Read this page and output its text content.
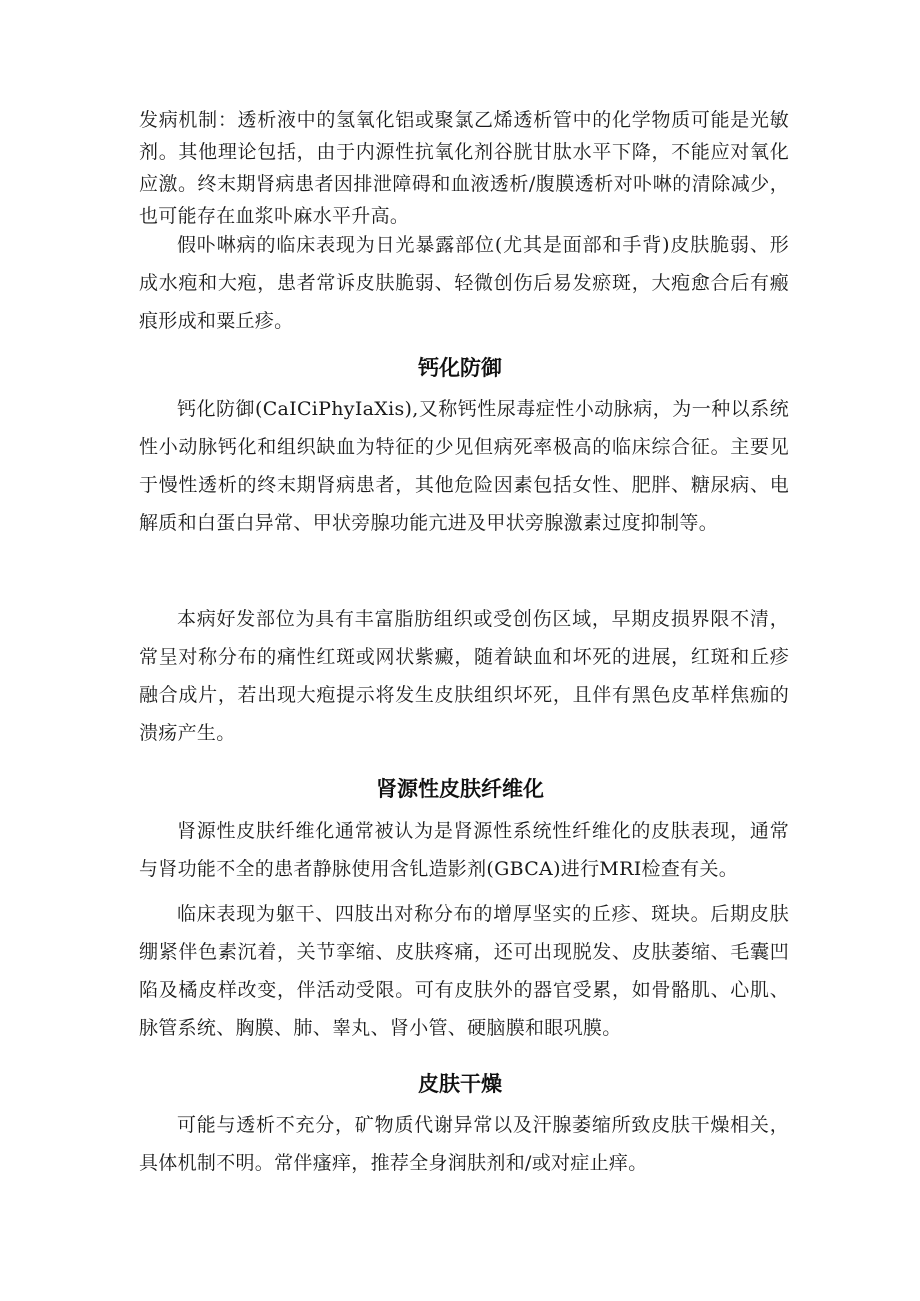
发病机制：透析液中的氢氧化铝或聚氯乙烯透析管中的化学物质可能是光敏剂。其他理论包括，由于内源性抗氧化剂谷胱甘肽水平下降，不能应对氧化应激。终末期肾病患者因排泄障碍和血液透析/腹膜透析对卟啉的清除减少，也可能存在血浆卟麻水平升高。

假卟啉病的临床表现为日光暴露部位(尤其是面部和手背)皮肤脆弱、形成水疱和大疱，患者常诉皮肤脆弱、轻微创伤后易发瘀斑，大疱愈合后有瘢痕形成和粟丘疹。

钙化防御

钙化防御(CaICiPhyIaXis),又称钙性尿毒症性小动脉病，为一种以系统性小动脉钙化和组织缺血为特征的少见但病死率极高的临床综合征。主要见于慢性透析的终末期肾病患者，其他危险因素包括女性、肥胖、糖尿病、电解质和白蛋白异常、甲状旁腺功能亢进及甲状旁腺激素过度抑制等。

本病好发部位为具有丰富脂肪组织或受创伤区域，早期皮损界限不清，常呈对称分布的痛性红斑或网状紫癜，随着缺血和坏死的进展，红斑和丘疹融合成片，若出现大疱提示将发生皮肤组织坏死，且伴有黑色皮革样焦痂的溃疡产生。

肾源性皮肤纤维化

肾源性皮肤纤维化通常被认为是肾源性系统性纤维化的皮肤表现，通常与肾功能不全的患者静脉使用含钆造影剂(GBCA)进行MRI检查有关。

临床表现为躯干、四肢出对称分布的增厚坚实的丘疹、斑块。后期皮肤绷紧伴色素沉着，关节挛缩、皮肤疼痛，还可出现脱发、皮肤萎缩、毛囊凹陷及橘皮样改变，伴活动受限。可有皮肤外的器官受累，如骨骼肌、心肌、脉管系统、胸膜、肺、睾丸、肾小管、硬脑膜和眼巩膜。

皮肤干燥

可能与透析不充分，矿物质代谢异常以及汗腺萎缩所致皮肤干燥相关，具体机制不明。常伴瘙痒，推荐全身润肤剂和/或对症止痒。
